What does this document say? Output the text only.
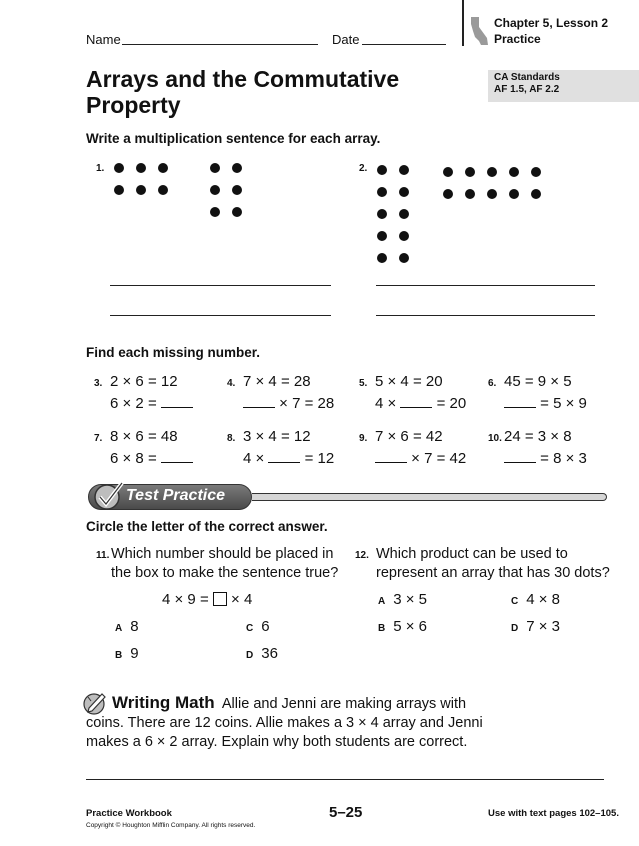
Name	Date
Chapter 5, Lesson 2
Practice
Arrays and the Commutative
Property
CA Standards
AF 1.5, AF 2.2
Write a multiplication sentence for each array.
1.	2.
Find each missing number.
3. 2 × 6 = 12
6 × 2 =
4. 7 × 4 = 28
× 7 = 28
5. 5 × 4 = 20
4 ×  = 20
6. 45 = 9 × 5
= 5 × 9
7. 8 × 6 = 48
6 × 8 =
8. 3 × 4 = 12
4 ×  = 12
9. 7 × 6 = 42
× 7 = 42
10. 24 = 3 × 8
= 8 × 3
Test Practice
Circle the letter of the correct answer.
11. Which number should be placed in
the box to make the sentence true?
4 × 9 =  × 4
A 8	C 6
B 9	D 36
12. Which product can be used to
represent an array that has 30 dots?
A 3 × 5	C 4 × 8
B 5 × 6	D 7 × 3
Writing Math Allie and Jenni are making arrays with
coins. There are 12 coins. Allie makes a 3 × 4 array and Jenni
makes a 6 × 2 array. Explain why both students are correct.
Practice Workbook
Copyright © Houghton Mifflin Company. All rights reserved.
5–25	Use with text pages 102–105.
